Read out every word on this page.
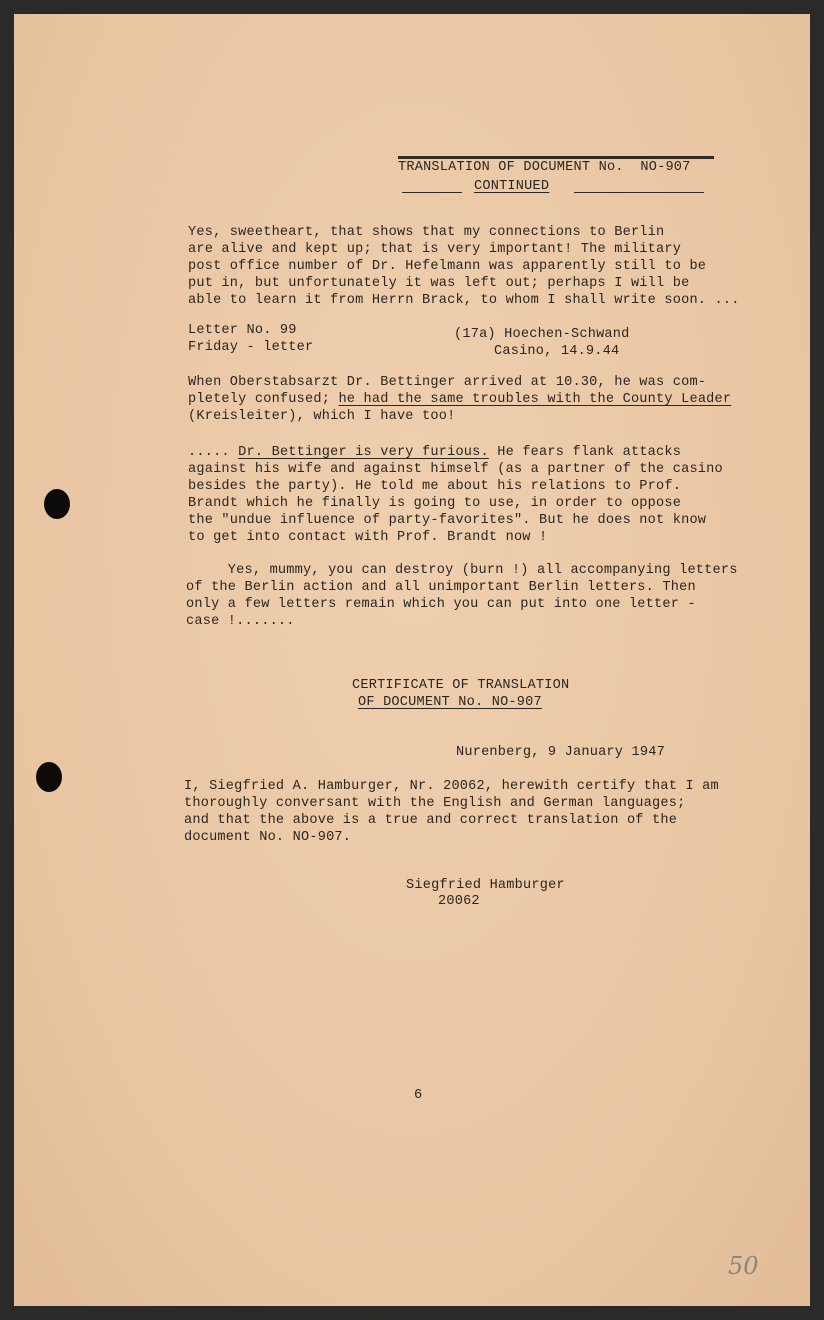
TRANSLATION OF DOCUMENT No.  NO-907
CONTINUED
Yes, sweetheart, that shows that my connections to Berlin
are alive and kept up; that is very important! The military
post office number of Dr. Hefelmann was apparently still to be
put in, but unfortunately it was left out; perhaps I will be
able to learn it from Herrn Brack, to whom I shall write soon. ...
Letter No. 99
Friday - letter
(17a) Hoechen-Schwand
Casino, 14.9.44
When Oberstabsarzt Dr. Bettinger arrived at 10.30, he was com-
pletely confused; he had the same troubles with the County Leader
(Kreisleiter), which I have too!
..... Dr. Bettinger is very furious. He fears flank attacks
against his wife and against himself (as a partner of the casino
besides the party). He told me about his relations to Prof.
Brandt which he finally is going to use, in order to oppose
the "undue influence of party-favorites". But he does not know
to get into contact with Prof. Brandt now !
Yes, mummy, you can destroy (burn !) all accompanying letters
of the Berlin action and all unimportant Berlin letters. Then
only a few letters remain which you can put into one letter -
case !.......
CERTIFICATE OF TRANSLATION
OF DOCUMENT No. NO-907
Nurenberg, 9 January 1947
I, Siegfried A. Hamburger, Nr. 20062, herewith certify that I am
thoroughly conversant with the English and German languages;
and that the above is a true and correct translation of the
document No. NO-907.
Siegfried Hamburger
20062
6
50
